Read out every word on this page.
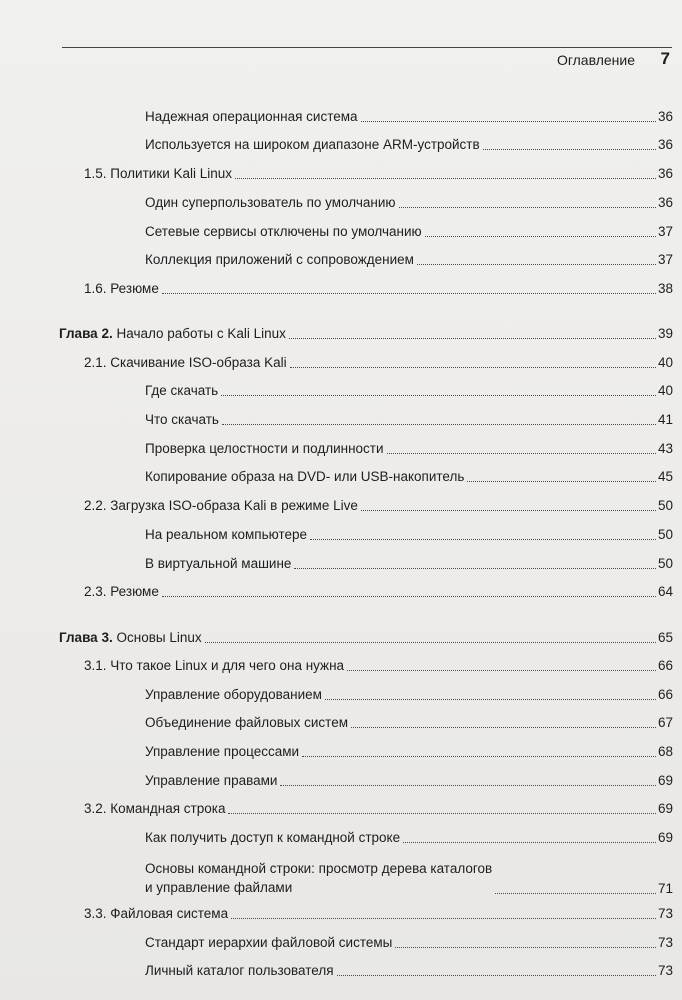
Оглавление	7
Надежная операционная система	36
Используется на широком диапазоне ARM-устройств	36
1.5. Политики Kali Linux	36
Один суперпользователь по умолчанию	36
Сетевые сервисы отключены по умолчанию	37
Коллекция приложений с сопровождением	37
1.6. Резюме	38
Глава 2. Начало работы с Kali Linux	39
2.1. Скачивание ISO-образа Kali	40
Где скачать	40
Что скачать	41
Проверка целостности и подлинности	43
Копирование образа на DVD- или USB-накопитель	45
2.2. Загрузка ISO-образа Kali в режиме Live	50
На реальном компьютере	50
В виртуальной машине	50
2.3. Резюме	64
Глава 3. Основы Linux	65
3.1. Что такое Linux и для чего она нужна	66
Управление оборудованием	66
Объединение файловых систем	67
Управление процессами	68
Управление правами	69
3.2. Командная строка	69
Как получить доступ к командной строке	69
Основы командной строки: просмотр дерева каталогов
и управление файлами	71
3.3. Файловая система	73
Стандарт иерархии файловой системы	73
Личный каталог пользователя	73
